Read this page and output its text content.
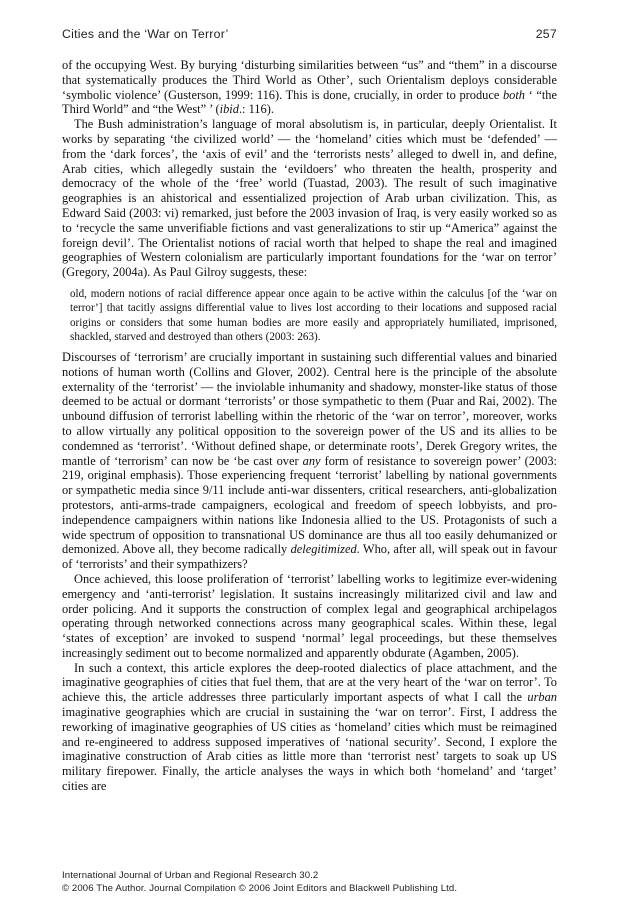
Cities and the ‘War on Terror’	257

of the occupying West. By burying ‘disturbing similarities between “us” and “them” in a discourse that systematically produces the Third World as Other’, such Orientalism deploys considerable ‘symbolic violence’ (Gusterson, 1999: 116). This is done, crucially, in order to produce both ‘ “the Third World” and “the West” ’ (ibid.: 116).

The Bush administration’s language of moral absolutism is, in particular, deeply Orientalist. It works by separating ‘the civilized world’ — the ‘homeland’ cities which must be ‘defended’ — from the ‘dark forces’, the ‘axis of evil’ and the ‘terrorists nests’ alleged to dwell in, and define, Arab cities, which allegedly sustain the ‘evildoers’ who threaten the health, prosperity and democracy of the whole of the ‘free’ world (Tuastad, 2003). The result of such imaginative geographies is an ahistorical and essentialized projection of Arab urban civilization. This, as Edward Said (2003: vi) remarked, just before the 2003 invasion of Iraq, is very easily worked so as to ‘recycle the same unverifiable fictions and vast generalizations to stir up “America” against the foreign devil’. The Orientalist notions of racial worth that helped to shape the real and imagined geographies of Western colonialism are particularly important foundations for the ‘war on terror’ (Gregory, 2004a). As Paul Gilroy suggests, these:

old, modern notions of racial difference appear once again to be active within the calculus [of the ‘war on terror’] that tacitly assigns differential value to lives lost according to their locations and supposed racial origins or considers that some human bodies are more easily and appropriately humiliated, imprisoned, shackled, starved and destroyed than others (2003: 263).

Discourses of ‘terrorism’ are crucially important in sustaining such differential values and binaried notions of human worth (Collins and Glover, 2002). Central here is the principle of the absolute externality of the ‘terrorist’ — the inviolable inhumanity and shadowy, monster-like status of those deemed to be actual or dormant ‘terrorists’ or those sympathetic to them (Puar and Rai, 2002). The unbound diffusion of terrorist labelling within the rhetoric of the ‘war on terror’, moreover, works to allow virtually any political opposition to the sovereign power of the US and its allies to be condemned as ‘terrorist’. ‘Without defined shape, or determinate roots’, Derek Gregory writes, the mantle of ‘terrorism’ can now be ‘be cast over any form of resistance to sovereign power’ (2003: 219, original emphasis). Those experiencing frequent ‘terrorist’ labelling by national governments or sympathetic media since 9/11 include anti-war dissenters, critical researchers, anti-globalization protestors, anti-arms-trade campaigners, ecological and freedom of speech lobbyists, and pro-independence campaigners within nations like Indonesia allied to the US. Protagonists of such a wide spectrum of opposition to transnational US dominance are thus all too easily dehumanized or demonized. Above all, they become radically delegitimized. Who, after all, will speak out in favour of ‘terrorists’ and their sympathizers?

Once achieved, this loose proliferation of ‘terrorist’ labelling works to legitimize ever-widening emergency and ‘anti-terrorist’ legislation. It sustains increasingly militarized civil and law and order policing. And it supports the construction of complex legal and geographical archipelagos operating through networked connections across many geographical scales. Within these, legal ‘states of exception’ are invoked to suspend ‘normal’ legal proceedings, but these themselves increasingly sediment out to become normalized and apparently obdurate (Agamben, 2005).

In such a context, this article explores the deep-rooted dialectics of place attachment, and the imaginative geographies of cities that fuel them, that are at the very heart of the ‘war on terror’. To achieve this, the article addresses three particularly important aspects of what I call the urban imaginative geographies which are crucial in sustaining the ‘war on terror’. First, I address the reworking of imaginative geographies of US cities as ‘homeland’ cities which must be reimagined and re-engineered to address supposed imperatives of ‘national security’. Second, I explore the imaginative construction of Arab cities as little more than ‘terrorist nest’ targets to soak up US military firepower. Finally, the article analyses the ways in which both ‘homeland’ and ‘target’ cities are

International Journal of Urban and Regional Research 30.2
© 2006 The Author. Journal Compilation © 2006 Joint Editors and Blackwell Publishing Ltd.
